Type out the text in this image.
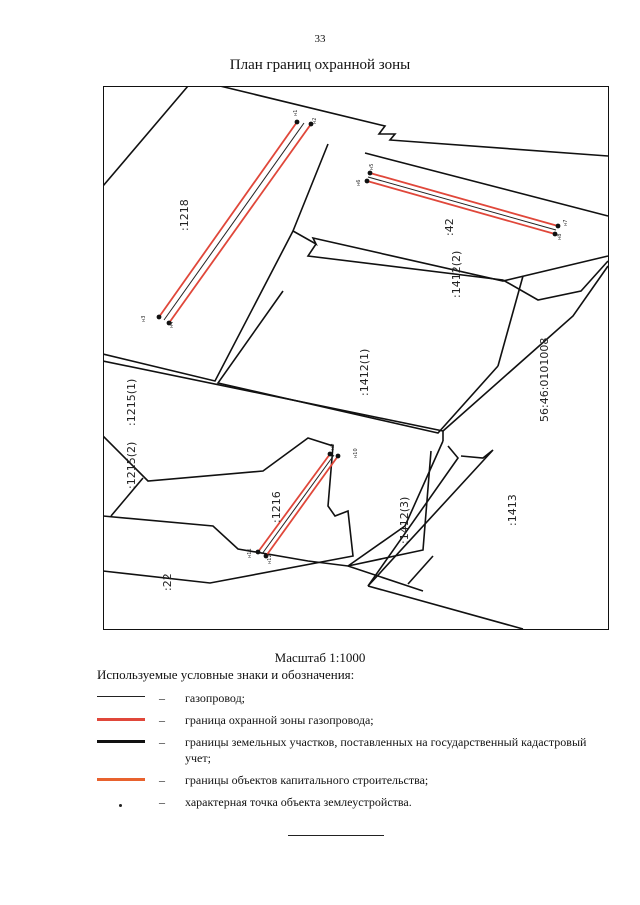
33
План границ охранной зоны
н1
н2
н3
н4
н5
н6
н7
н8
н9
н10
н11
н12
:1218	:42
:1412(2)
:1412(1)
:1215(1)
:1215(2)
:1216	:1412(3)	:1413
:22
56:46:0101008
Масштаб 1:1000
Используемые условные знаки и обозначения:
– газопровод;
– граница охранной зоны газопровода;
– границы земельных участков, поставленных на государственный кадастровый учет;
– границы объектов капитального строительства;
– характерная точка объекта землеустройства.
